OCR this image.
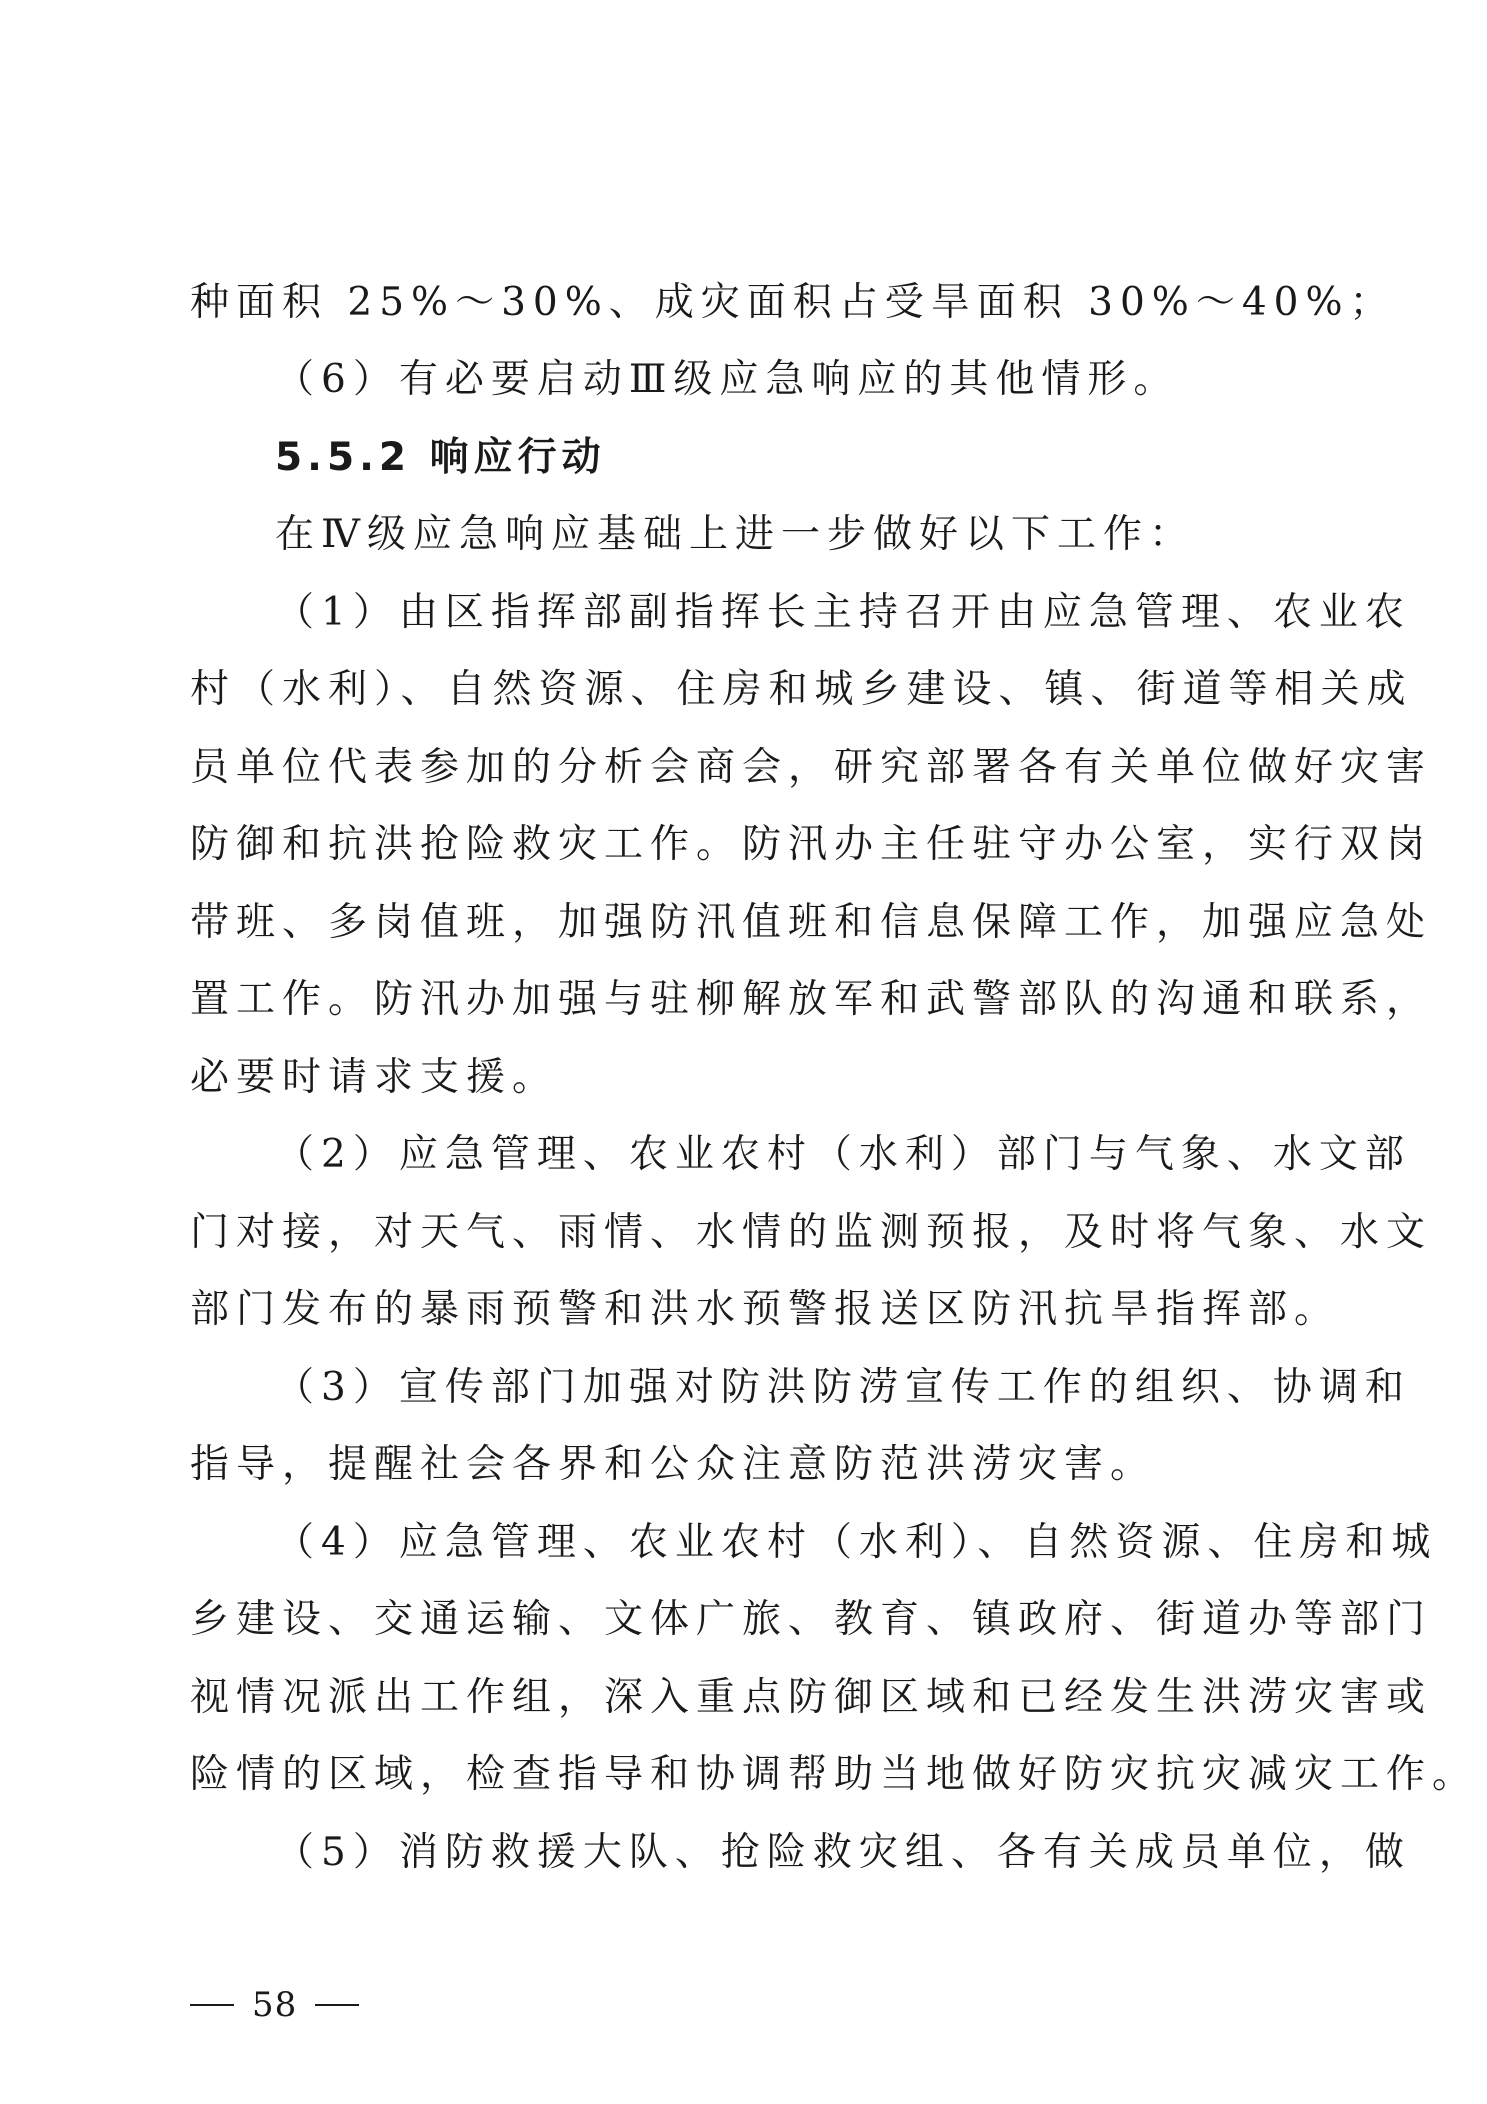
种面积 25%～30%、成灾面积占受旱面积 30%～40%；
（6）有必要启动Ⅲ级应急响应的其他情形。
5.5.2 响应行动
在Ⅳ级应急响应基础上进一步做好以下工作：
（1）由区指挥部副指挥长主持召开由应急管理、农业农
村（水利）、自然资源、住房和城乡建设、镇、街道等相关成
员单位代表参加的分析会商会，研究部署各有关单位做好灾害
防御和抗洪抢险救灾工作。防汛办主任驻守办公室，实行双岗
带班、多岗值班，加强防汛值班和信息保障工作，加强应急处
置工作。防汛办加强与驻柳解放军和武警部队的沟通和联系，
必要时请求支援。
（2）应急管理、农业农村（水利）部门与气象、水文部
门对接，对天气、雨情、水情的监测预报，及时将气象、水文
部门发布的暴雨预警和洪水预警报送区防汛抗旱指挥部。
（3）宣传部门加强对防洪防涝宣传工作的组织、协调和
指导，提醒社会各界和公众注意防范洪涝灾害。
（4）应急管理、农业农村（水利）、自然资源、住房和城
乡建设、交通运输、文体广旅、教育、镇政府、街道办等部门
视情况派出工作组，深入重点防御区域和已经发生洪涝灾害或
险情的区域，检查指导和协调帮助当地做好防灾抗灾减灾工作。
（5）消防救援大队、抢险救灾组、各有关成员单位，做
58
